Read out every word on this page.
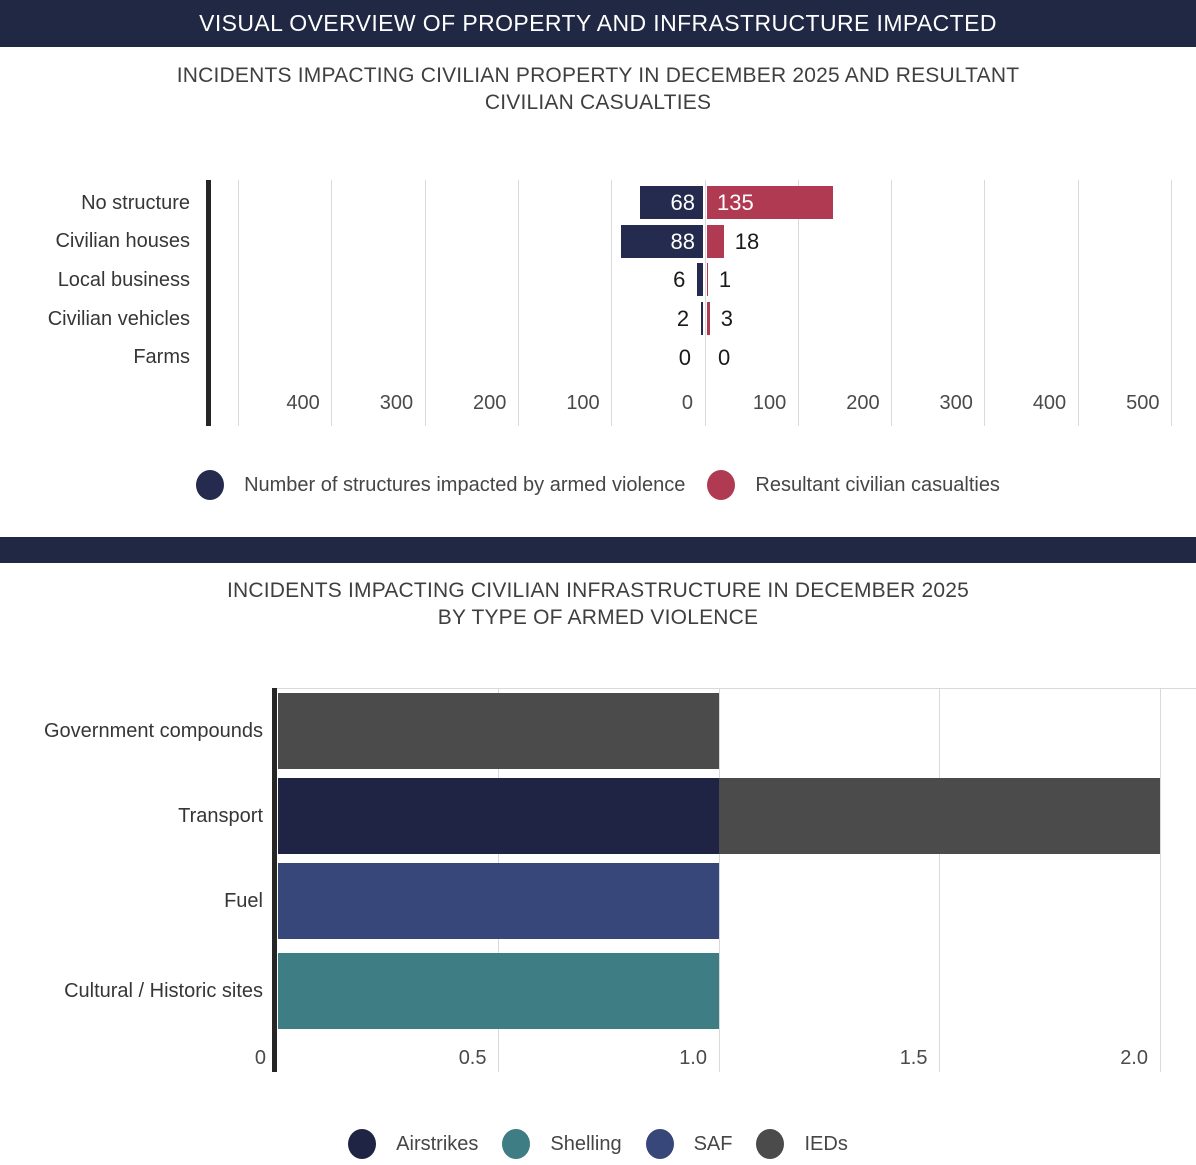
VISUAL OVERVIEW OF PROPERTY AND INFRASTRUCTURE IMPACTED
INCIDENTS IMPACTING CIVILIAN PROPERTY IN DECEMBER 2025 AND RESULTANT
CIVILIAN CASUALTIES
400	300	200	100	0	100	200	300	400	500
No structure	68 135
Civilian houses	88 18
Local business	6 1
Civilian vehicles	2 3
Farms	0 0
Number of structures impacted by armed violence	Resultant civilian casualties
INCIDENTS IMPACTING CIVILIAN INFRASTRUCTURE IN DECEMBER 2025
BY TYPE OF ARMED VIOLENCE
0	0.5	1.0	1.5	2.0
Government compounds
Transport
Fuel
Cultural / Historic sites
Airstrikes	Shelling	SAF	IEDs
